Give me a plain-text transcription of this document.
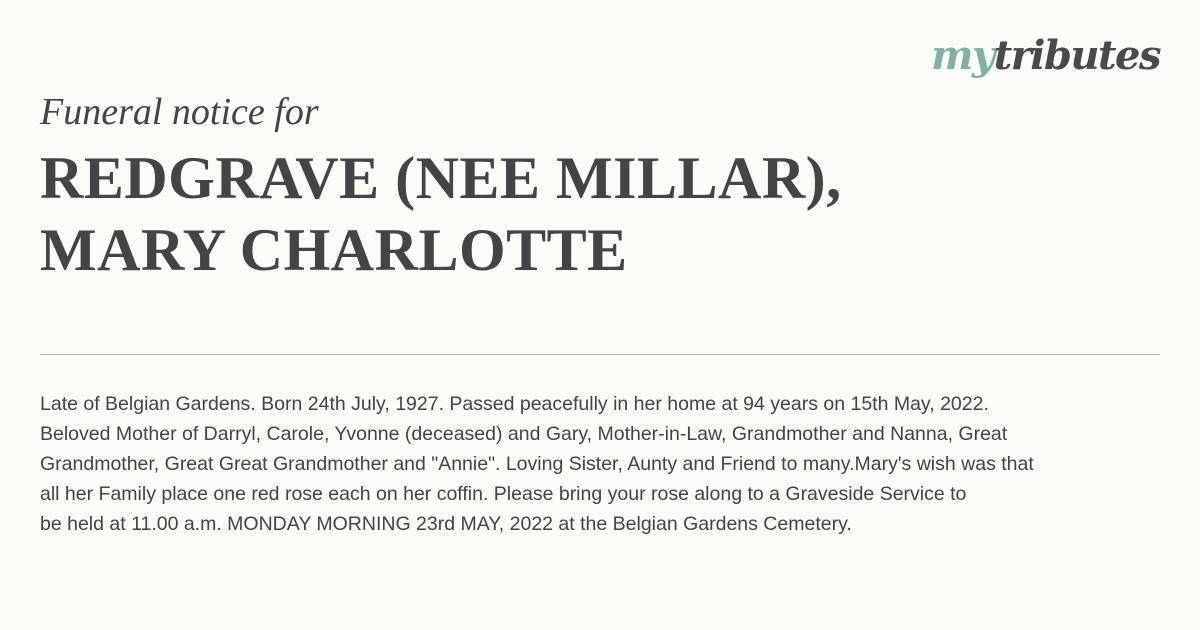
mytributes

Funeral notice for

REDGRAVE (NEE MILLAR),
MARY CHARLOTTE

Late of Belgian Gardens. Born 24th July, 1927. Passed peacefully in her home at 94 years on 15th May, 2022.
Beloved Mother of Darryl, Carole, Yvonne (deceased) and Gary, Mother-in-Law, Grandmother and Nanna, Great
Grandmother, Great Great Grandmother and "Annie". Loving Sister, Aunty and Friend to many.Mary's wish was that
all her Family place one red rose each on her coffin. Please bring your rose along to a Graveside Service to
be held at 11.00 a.m. MONDAY MORNING 23rd MAY, 2022 at the Belgian Gardens Cemetery.
